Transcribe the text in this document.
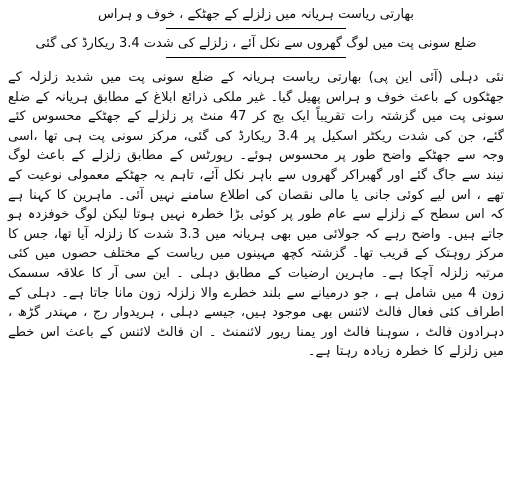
بھارتی ریاست ہریانہ میں زلزلے کے جھٹکے ، خوف و ہراس
ضلع سونی پت میں لوگ گھروں سے نکل آئے ، زلزلے کی شدت 3.4 ریکارڈ کی گئی

نئی دہلی (آئی این پی) بھارتی ریاست ہریانہ کے ضلع سونی پت میں شدید زلزلہ کے جھٹکوں کے باعث خوف و ہراس پھیل گیا۔ غیر ملکی ذرائع ابلاغ کے مطابق ہریانہ کے ضلع سونی پت میں گزشتہ رات تقریباً ایک بج کر 47 منٹ پر زلزلے کے جھٹکے محسوس کئے گئے، جن کی شدت ریکٹر اسکیل پر 3.4 ریکارڈ کی گئی، مرکز سونی پت ہی تھا ،اسی وجہ سے جھٹکے واضح طور پر محسوس ہوئے۔ رپورٹس کے مطابق زلزلے کے باعث لوگ نیند سے جاگ گئے اور گھبراکر گھروں سے باہر نکل آئے، تاہم یہ جھٹکے معمولی نوعیت کے تھے ، اس لیے کوئی جانی یا مالی نقصان کی اطلاع سامنے نہیں آئی۔ ماہرین کا کہنا ہے کہ اس سطح کے زلزلے سے عام طور پر کوئی بڑا خطرہ نہیں ہوتا لیکن لوگ خوفزدہ ہو جاتے ہیں۔ واضح رہے کہ جولائی میں بھی ہریانہ میں 3.3 شدت کا زلزلہ آیا تھا، جس کا مرکز روہتک کے قریب تھا۔ گزشتہ کچھ مہینوں میں ریاست کے مختلف حصوں میں کئی مرتبہ زلزلہ آچکا ہے۔ ماہرین ارضیات کے مطابق دہلی ۔ این سی آر کا علاقہ سسمک زون 4 میں شامل ہے ، جو درمیانے سے بلند خطرے والا زلزلہ زون مانا جاتا ہے۔ دہلی کے اطراف کئی فعال فالٹ لائنس بھی موجود ہیں، جیسے دہلی ، ہریدوار رج ، مہندر گڑھ ، دہرادون فالٹ ، سوہنا فالٹ اور یمنا ریور لائنمنٹ ۔ ان فالٹ لائنس کے باعث اس خطے میں زلزلے کا خطرہ زیادہ رہتا ہے۔
